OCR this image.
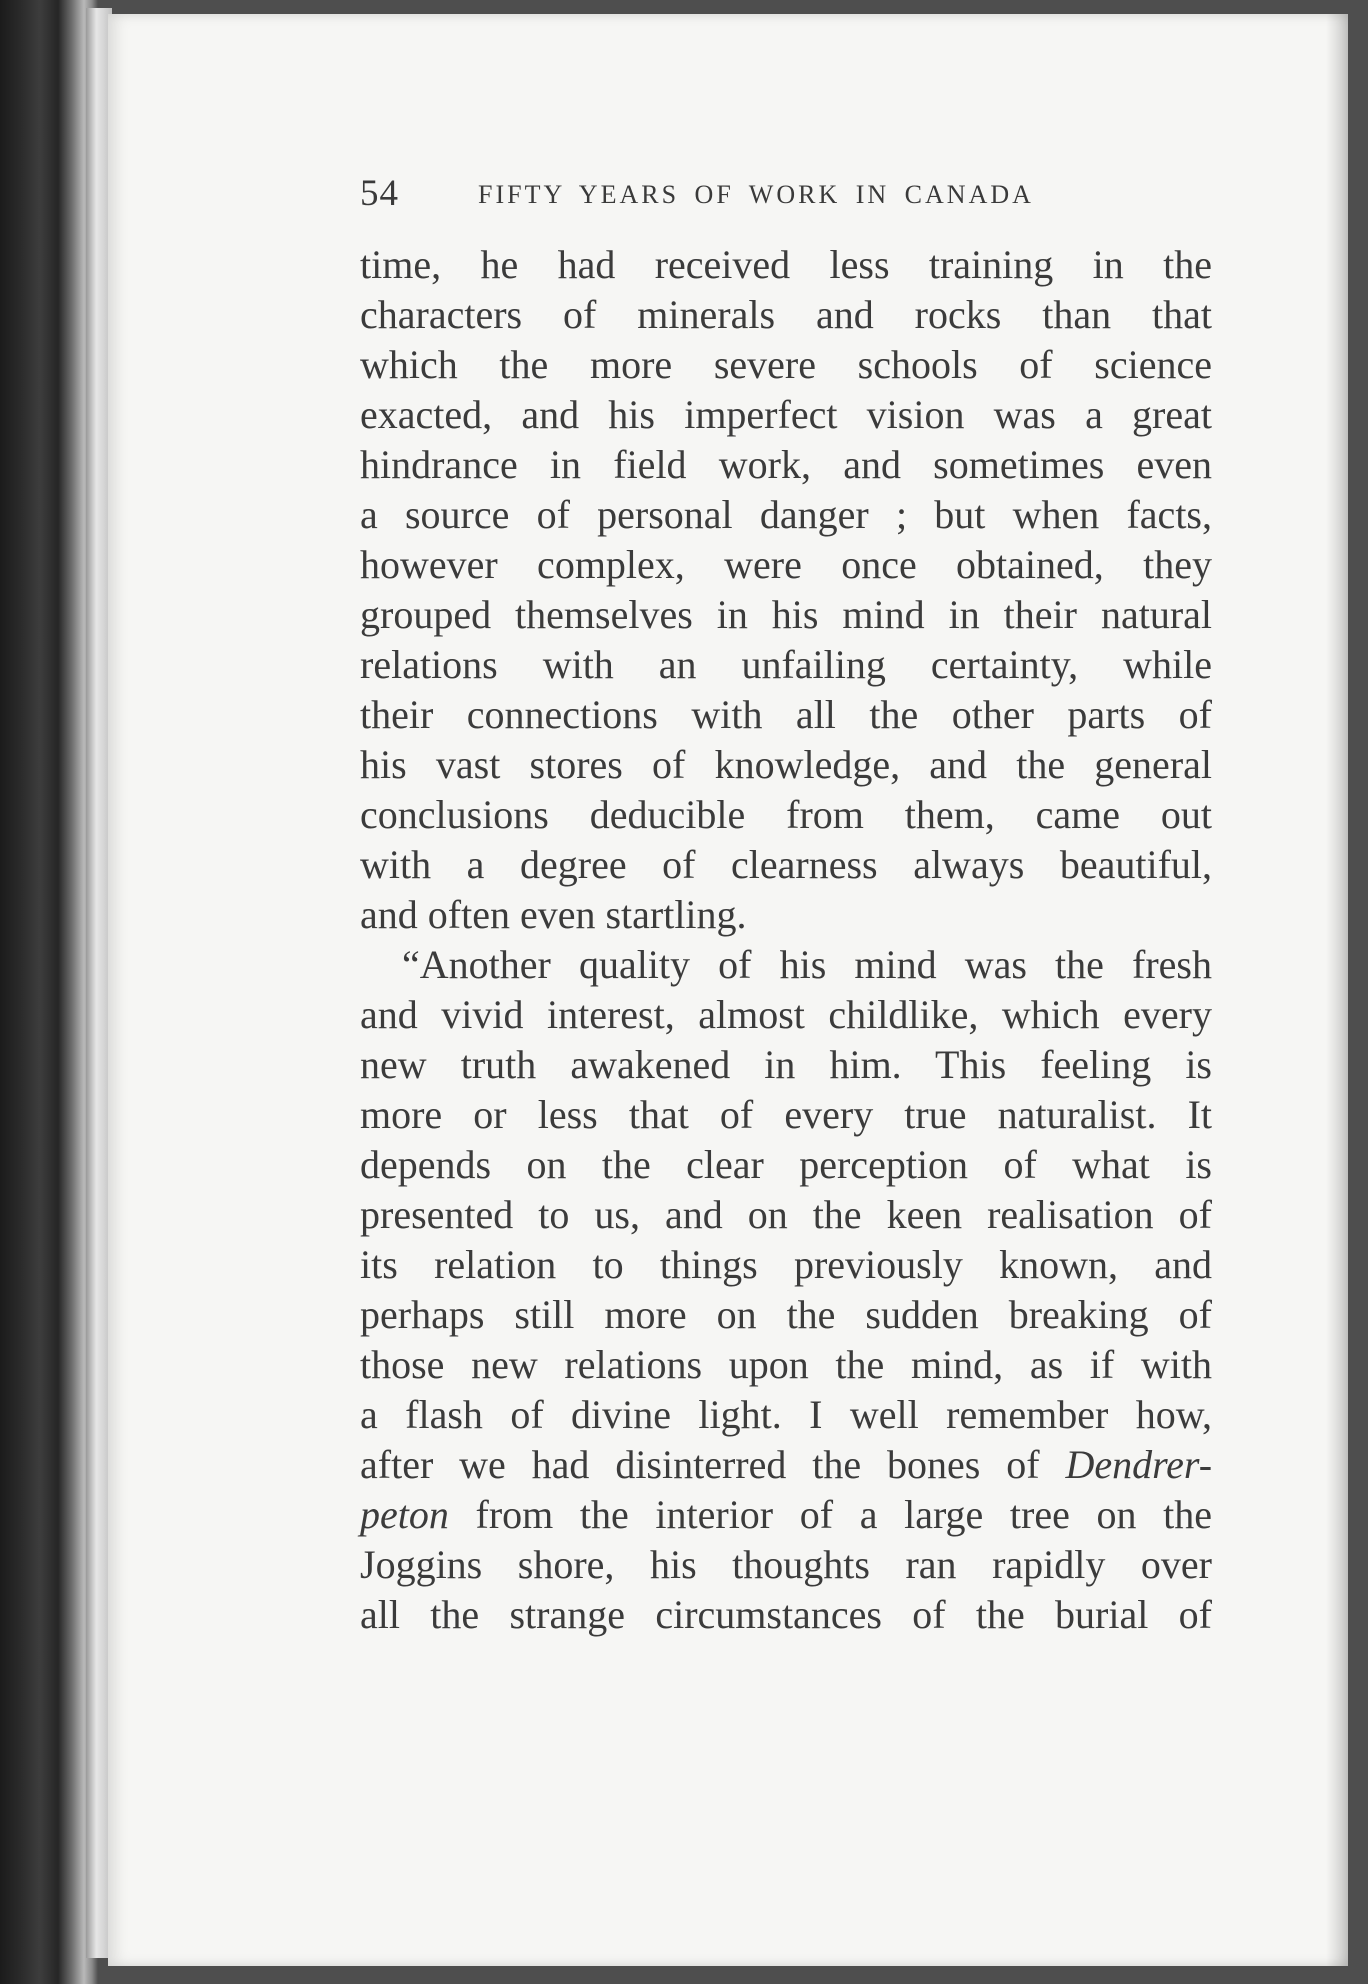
54	FIFTY YEARS OF WORK IN CANADA
time, he had received less training in the
characters of minerals and rocks than that
which the more severe schools of science
exacted, and his imperfect vision was a great
hindrance in field work, and sometimes even
a source of personal danger ; but when facts,
however complex, were once obtained, they
grouped themselves in his mind in their natural
relations with an unfailing certainty, while
their connections with all the other parts of
his vast stores of knowledge, and the general
conclusions deducible from them, came out
with a degree of clearness always beautiful,
and often even startling.
“Another quality of his mind was the fresh
and vivid interest, almost childlike, which every
new truth awakened in him. This feeling is
more or less that of every true naturalist. It
depends on the clear perception of what is
presented to us, and on the keen realisation of
its relation to things previously known, and
perhaps still more on the sudden breaking of
those new relations upon the mind, as if with
a flash of divine light. I well remember how,
after we had disinterred the bones of Dendrer-
peton from the interior of a large tree on the
Joggins shore, his thoughts ran rapidly over
all the strange circumstances of the burial of
